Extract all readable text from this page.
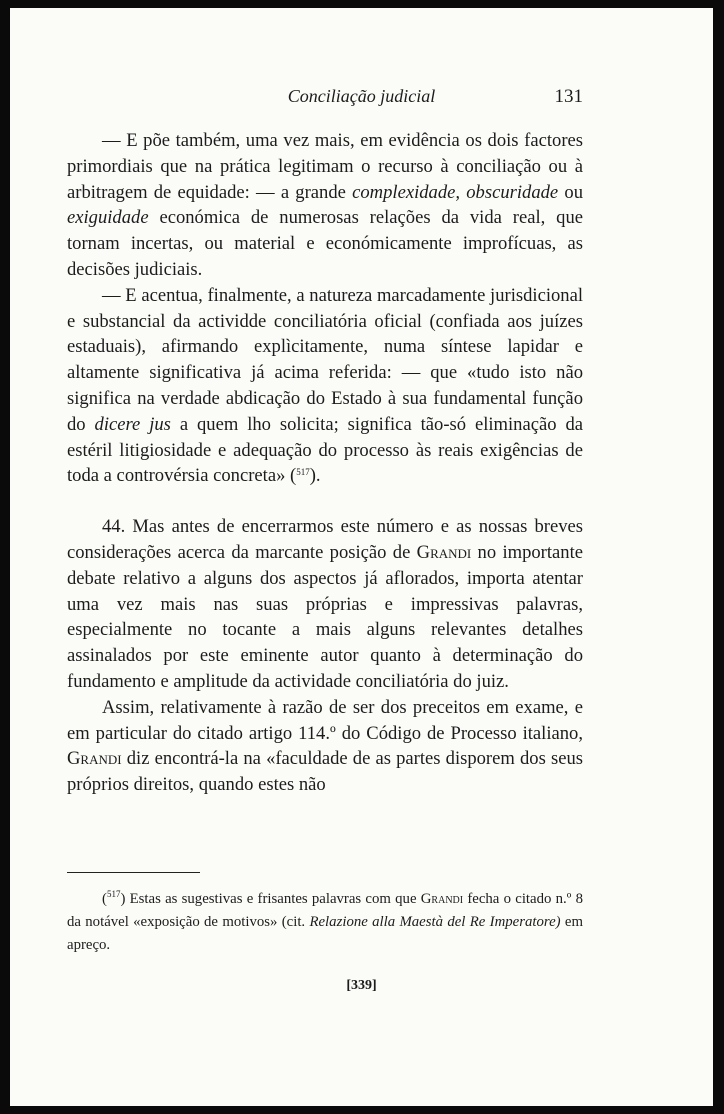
Conciliação judicial	131

— E põe também, uma vez mais, em evidência os dois factores primordiais que na prática legitimam o recurso à conciliação ou à arbitragem de equidade: — a grande complexidade, obscuridade ou exiguidade económica de numerosas relações da vida real, que tornam incertas, ou material e económicamente improfícuas, as decisões judiciais.

— E acentua, finalmente, a natureza marcadamente jurisdicional e substancial da actividde conciliatória oficial (confiada aos juízes estaduais), afirmando explìcitamente, numa síntese lapidar e altamente significativa já acima referida: — que «tudo isto não significa na verdade abdicação do Estado à sua fundamental função do dicere jus a quem lho solicita; significa tão-só eliminação da estéril litigiosidade e adequação do processo às reais exigências de toda a controvérsia concreta» ($^{517}$).

44. Mas antes de encerrarmos este número e as nossas breves considerações acerca da marcante posição de Grandi no importante debate relativo a alguns dos aspectos já aflorados, importa atentar uma vez mais nas suas próprias e impressivas palavras, especialmente no tocante a mais alguns relevantes detalhes assinalados por este eminente autor quanto à determinação do fundamento e amplitude da actividade conciliatória do juiz.

Assim, relativamente à razão de ser dos preceitos em exame, e em particular do citado artigo 114.º do Código de Processo italiano, Grandi diz encontrá-la na «faculdade de as partes disporem dos seus próprios direitos, quando estes não

($^{517}$) Estas as sugestivas e frisantes palavras com que Grandi fecha o citado n.º 8 da notável «exposição de motivos» (cit. Relazione alla Maestà del Re Imperatore) em apreço.

[339]
